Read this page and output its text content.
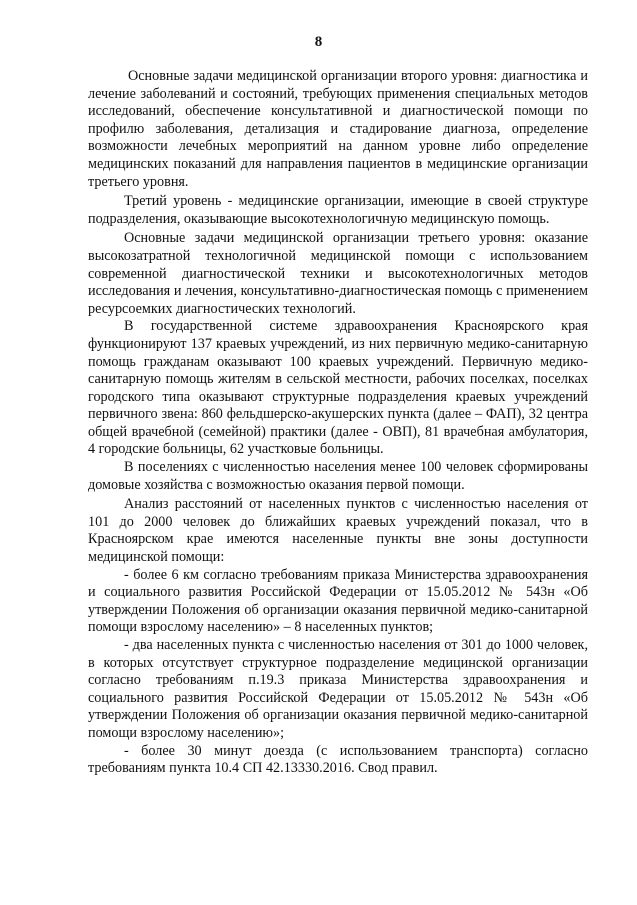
8

Основные задачи медицинской организации второго уровня: диагностика и лечение заболеваний и состояний, требующих применения специальных методов исследований, обеспечение консультативной и диагностической помощи по профилю заболевания, детализация и стадирование диагноза, определение возможности лечебных мероприятий на данном уровне либо определение медицинских показаний для направления пациентов в медицинские организации третьего уровня.

Третий уровень - медицинские организации, имеющие в своей структуре подразделения, оказывающие высокотехнологичную медицинскую помощь.

Основные задачи медицинской организации третьего уровня: оказание высокозатратной технологичной медицинской помощи с использованием современной диагностической техники и высокотехнологичных методов исследования и лечения, консультативно-диагностическая помощь с применением ресурсоемких диагностических технологий.

В государственной системе здравоохранения Красноярского края функционируют 137 краевых учреждений, из них первичную медико-санитарную помощь гражданам оказывают 100 краевых учреждений. Первичную медико-санитарную помощь жителям в сельской местности, рабочих поселках, поселках городского типа оказывают структурные подразделения краевых учреждений первичного звена: 860 фельдшерско-акушерских пункта (далее – ФАП), 32 центра общей врачебной (семейной) практики (далее - ОВП), 81 врачебная амбулатория, 4 городские больницы, 62 участковые больницы.

В поселениях с численностью населения менее 100 человек сформированы домовые хозяйства с возможностью оказания первой помощи.

Анализ расстояний от населенных пунктов с численностью населения от 101 до 2000 человек до ближайших краевых учреждений показал, что в Красноярском крае имеются населенные пункты вне зоны доступности медицинской помощи:

- более 6 км согласно требованиям приказа Министерства здравоохранения и социального развития Российской Федерации от 15.05.2012 № 543н «Об утверждении Положения об организации оказания первичной медико-санитарной помощи взрослому населению» – 8 населенных пунктов;

- два населенных пункта с численностью населения от 301 до 1000 человек, в которых отсутствует структурное подразделение медицинской организации согласно требованиям п.19.3 приказа Министерства здравоохранения и социального развития Российской Федерации от 15.05.2012 № 543н «Об утверждении Положения об организации оказания первичной медико-санитарной помощи взрослому населению»;

- более 30 минут доезда (с использованием транспорта) согласно требованиям пункта 10.4 СП 42.13330.2016. Свод правил.
